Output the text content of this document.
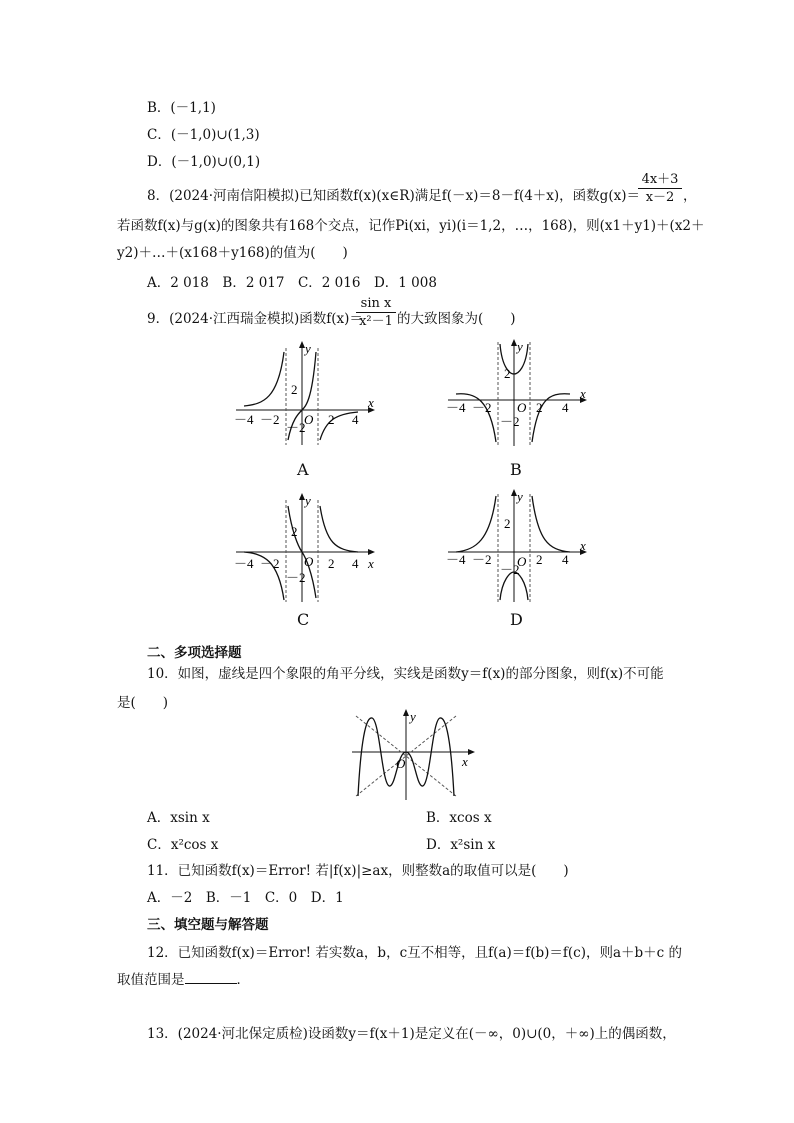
B．(－1,1)
C．(－1,0)∪(1,3)
D．(－1,0)∪(0,1)
8．(2024·河南信阳模拟)已知函数f(x)(x∈R)满足f(－x)＝8－f(4＋x)，函数g(x)＝
4x＋3
x－2 ，
若函数f(x)与g(x)的图象共有168个交点，记作Pi(xi，yi)(i＝1,2，…，168)，则(x1＋y1)＋(x2＋
y2)＋…＋(x168＋y168)的值为(　　)
A．2 018　B．2 017　C．2 016　D．1 008
9．(2024·江西瑞金模拟)函数f(x)＝
sin x
x²－1 的大致图象为(　　)
y
x
O
2
－2
－4 －2	2 4
A
y
x
O
2
－2
－4 －2	2 4
B
y
x
O
2
－2
－4 －2	2 4
C
y
x
O
2
－2
－4 －2	2 4
D
二、多项选择题
10．如图，虚线是四个象限的角平分线，实线是函数y＝f(x)的部分图象，则f(x)不可能
是(　　)
y
x
O
A．xsin x	B．xcos x
C．x²cos x	D．x²sin x
11．已知函数f(x)＝Error! 若|f(x)|≥ax，则整数a的取值可以是(　　)
A．－2　B．－1　C．0　D．1
三、填空题与解答题
12．已知函数f(x)＝Error! 若实数a，b，c互不相等，且f(a)＝f(b)＝f(c)，则a＋b＋c 的
取值范围是	．
13．(2024·河北保定质检)设函数y＝f(x＋1)是定义在(－∞，0)∪(0，＋∞)上的偶函数，
